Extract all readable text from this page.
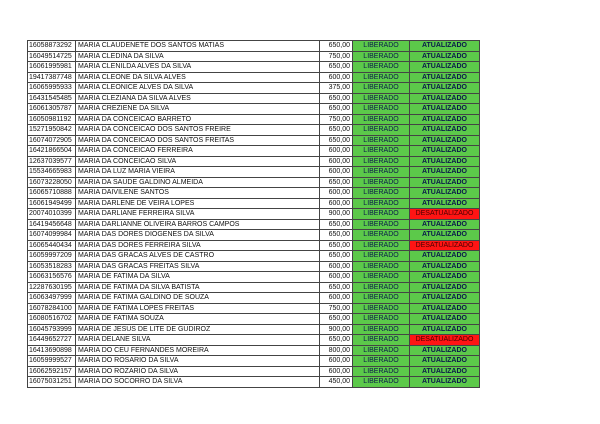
16058873292	MARIA CLAUDENETE DOS SANTOS MATIAS	650,00	LIBERADO	ATUALIZADO
16049514725	MARIA CLEDINA DA SILVA	750,00	LIBERADO	ATUALIZADO
16061995981	MARIA CLENILDA ALVES DA SILVA	650,00	LIBERADO	ATUALIZADO
19417387748	MARIA CLEONE DA SILVA ALVES	600,00	LIBERADO	ATUALIZADO
16065995933	MARIA CLEONICE ALVES DA SILVA	375,00	LIBERADO	ATUALIZADO
16431545485	MARIA CLEZIANA DA SILVA ALVES	650,00	LIBERADO	ATUALIZADO
16061305787	MARIA CREZIENE DA SILVA	650,00	LIBERADO	ATUALIZADO
16050981192	MARIA DA CONCEICAO BARRETO	750,00	LIBERADO	ATUALIZADO
15271950842	MARIA DA CONCEICAO DOS SANTOS FREIRE	650,00	LIBERADO	ATUALIZADO
16074072905	MARIA DA CONCEICAO DOS SANTOS FREITAS	650,00	LIBERADO	ATUALIZADO
16421866504	MARIA DA CONCEICAO FERREIRA	600,00	LIBERADO	ATUALIZADO
12637039577	MARIA DA CONCEICAO SILVA	600,00	LIBERADO	ATUALIZADO
15534665983	MARIA DA LUZ MARIA VIEIRA	600,00	LIBERADO	ATUALIZADO
16073228050	MARIA DA SAUDE GALDINO ALMEIDA	650,00	LIBERADO	ATUALIZADO
16065710888	MARIA DAIVILENE SANTOS	600,00	LIBERADO	ATUALIZADO
16061949499	MARIA DARLENE DE VEIRA LOPES	600,00	LIBERADO	ATUALIZADO
20074010399	MARIA DARLIANE FERREIRA SILVA	900,00	LIBERADO	DESATUALIZADO
16419456648	MARIA DARLIANNE OLIVEIRA BARROS CAMPOS	650,00	LIBERADO	ATUALIZADO
16074099984	MARIA DAS DORES DIOGENES DA SILVA	650,00	LIBERADO	ATUALIZADO
16065440434	MARIA DAS DORES FERREIRA SILVA	650,00	LIBERADO	DESATUALIZADO
16059997209	MARIA DAS GRACAS ALVES DE CASTRO	650,00	LIBERADO	ATUALIZADO
16053518283	MARIA DAS GRACAS FREITAS SILVA	600,00	LIBERADO	ATUALIZADO
16063156576	MARIA DE FATIMA DA SILVA	600,00	LIBERADO	ATUALIZADO
12287630195	MARIA DE FATIMA DA SILVA BATISTA	650,00	LIBERADO	ATUALIZADO
16063497999	MARIA DE FATIMA GALDINO DE SOUZA	600,00	LIBERADO	ATUALIZADO
16078284100	MARIA DE FATIMA LOPES FREITAS	750,00	LIBERADO	ATUALIZADO
16080516702	MARIA DE FATIMA SOUZA	650,00	LIBERADO	ATUALIZADO
16045793999	MARIA DE JESUS DE LITE DE GUDIROZ	900,00	LIBERADO	ATUALIZADO
16449652727	MARIA DELANE SILVA	650,00	LIBERADO	DESATUALIZADO
16413690898	MARIA DO CEU FERNANDES MOREIRA	800,00	LIBERADO	ATUALIZADO
16059999527	MARIA DO ROSARIO DA SILVA	600,00	LIBERADO	ATUALIZADO
16062592157	MARIA DO ROZARIO DA SILVA	600,00	LIBERADO	ATUALIZADO
16075031251	MARIA DO SOCORRO DA SILVA	450,00	LIBERADO	ATUALIZADO
